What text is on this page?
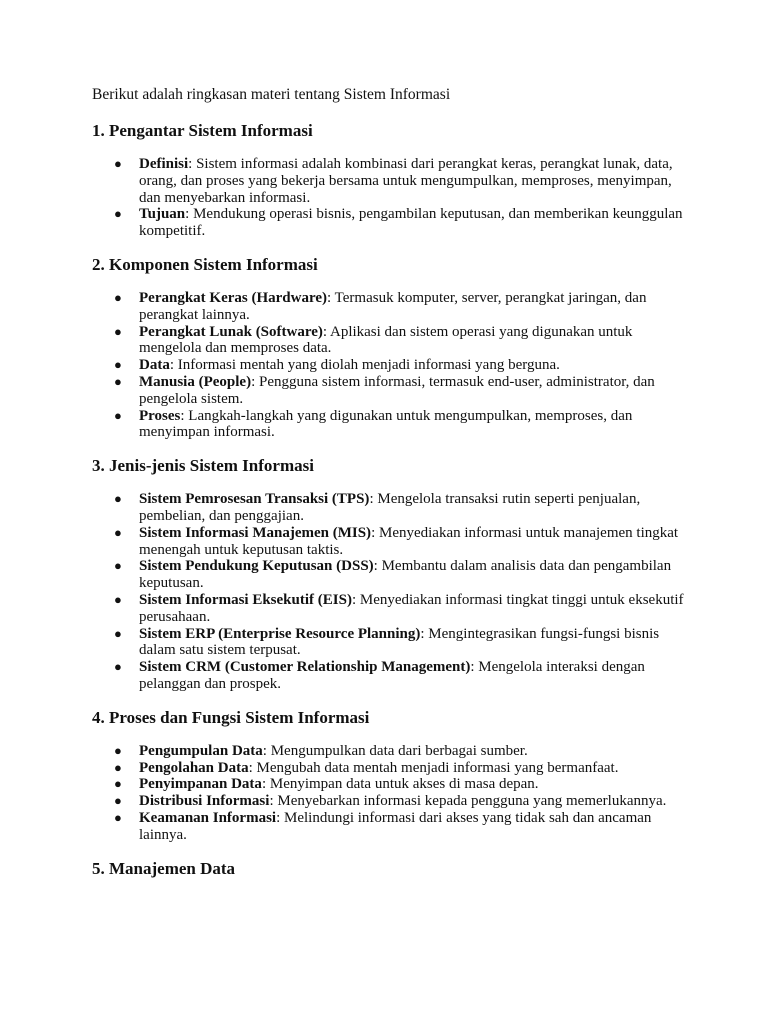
Berikut adalah ringkasan materi tentang Sistem Informasi

1. Pengantar Sistem Informasi
● Definisi: Sistem informasi adalah kombinasi dari perangkat keras, perangkat lunak, data, orang, dan proses yang bekerja bersama untuk mengumpulkan, memproses, menyimpan, dan menyebarkan informasi.
● Tujuan: Mendukung operasi bisnis, pengambilan keputusan, dan memberikan keunggulan kompetitif.
2. Komponen Sistem Informasi
● Perangkat Keras (Hardware): Termasuk komputer, server, perangkat jaringan, dan perangkat lainnya.
● Perangkat Lunak (Software): Aplikasi dan sistem operasi yang digunakan untuk mengelola dan memproses data.
● Data: Informasi mentah yang diolah menjadi informasi yang berguna.
● Manusia (People): Pengguna sistem informasi, termasuk end-user, administrator, dan pengelola sistem.
● Proses: Langkah-langkah yang digunakan untuk mengumpulkan, memproses, dan menyimpan informasi.
3. Jenis-jenis Sistem Informasi
● Sistem Pemrosesan Transaksi (TPS): Mengelola transaksi rutin seperti penjualan, pembelian, dan penggajian.
● Sistem Informasi Manajemen (MIS): Menyediakan informasi untuk manajemen tingkat menengah untuk keputusan taktis.
● Sistem Pendukung Keputusan (DSS): Membantu dalam analisis data dan pengambilan keputusan.
● Sistem Informasi Eksekutif (EIS): Menyediakan informasi tingkat tinggi untuk eksekutif perusahaan.
● Sistem ERP (Enterprise Resource Planning): Mengintegrasikan fungsi-fungsi bisnis dalam satu sistem terpusat.
● Sistem CRM (Customer Relationship Management): Mengelola interaksi dengan pelanggan dan prospek.
4. Proses dan Fungsi Sistem Informasi
● Pengumpulan Data: Mengumpulkan data dari berbagai sumber.
● Pengolahan Data: Mengubah data mentah menjadi informasi yang bermanfaat.
● Penyimpanan Data: Menyimpan data untuk akses di masa depan.
● Distribusi Informasi: Menyebarkan informasi kepada pengguna yang memerlukannya.
● Keamanan Informasi: Melindungi informasi dari akses yang tidak sah dan ancaman lainnya.
5. Manajemen Data
